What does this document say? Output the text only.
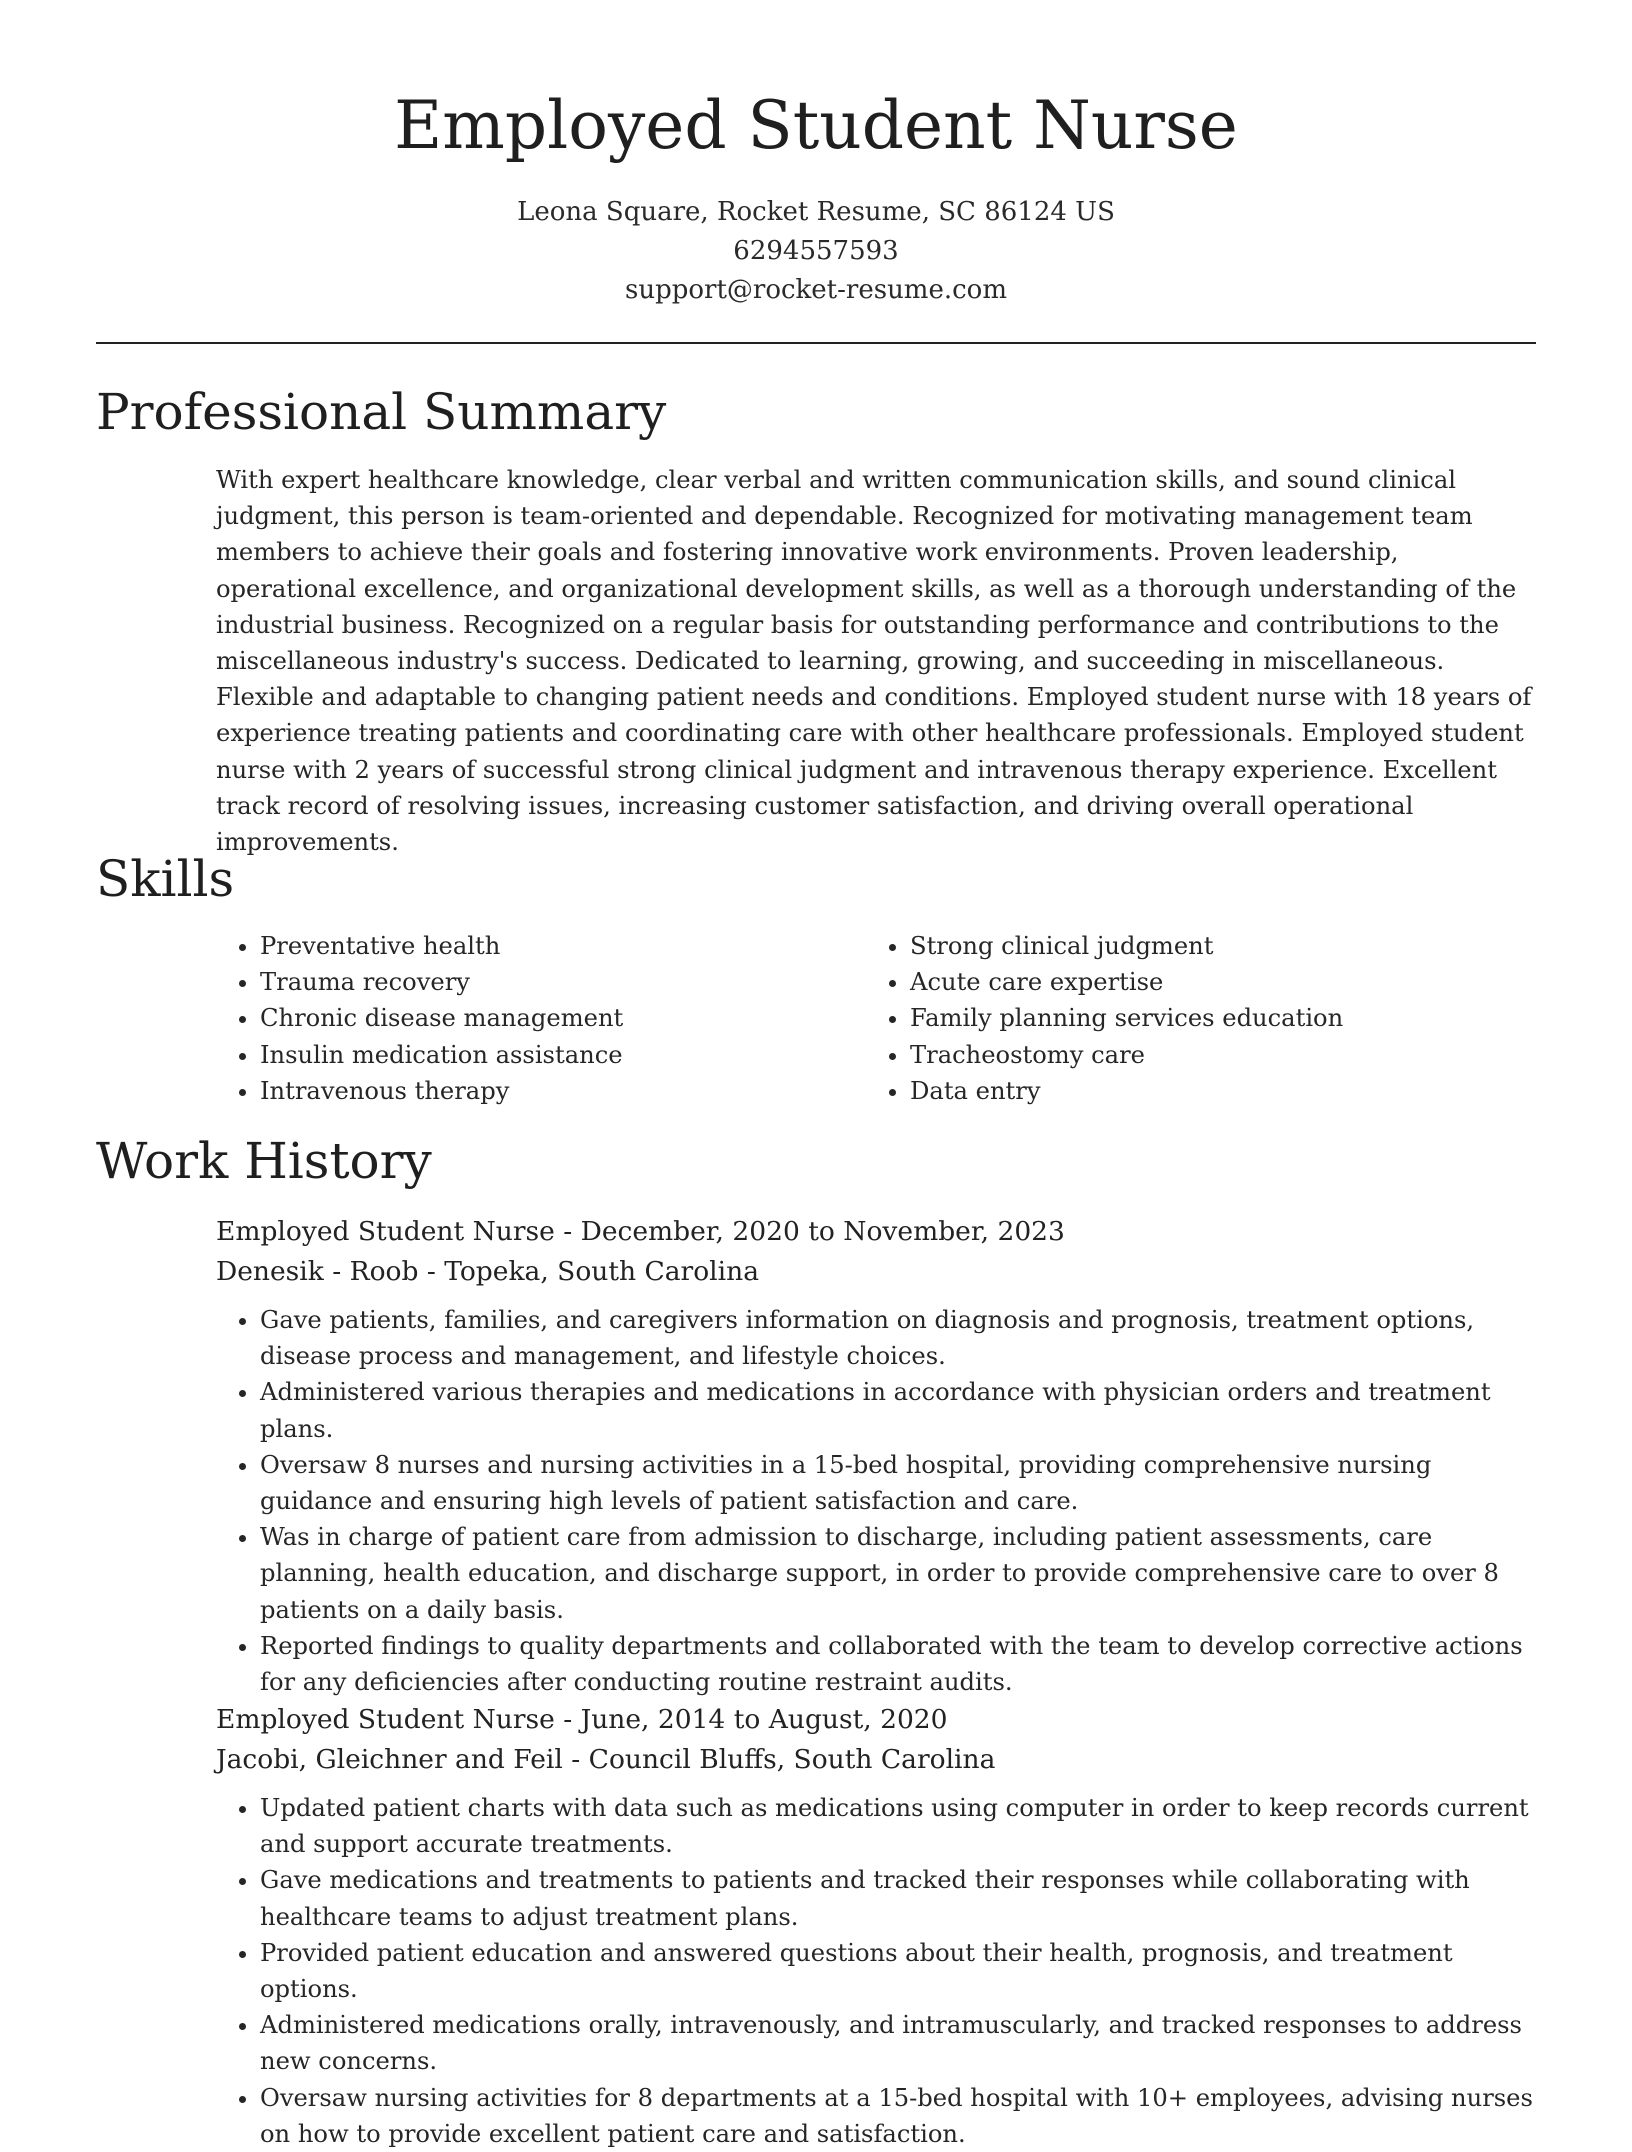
Employed Student Nurse
Leona Square, Rocket Resume, SC 86124 US
6294557593
support@rocket-resume.com
Professional Summary

With expert healthcare knowledge, clear verbal and written communication skills, and sound clinical judgment, this person is team-oriented and dependable. Recognized for motivating management team members to achieve their goals and fostering innovative work environments. Proven leadership, operational excellence, and organizational development skills, as well as a thorough understanding of the industrial business. Recognized on a regular basis for outstanding performance and contributions to the miscellaneous industry's success. Dedicated to learning, growing, and succeeding in miscellaneous. Flexible and adaptable to changing patient needs and conditions. Employed student nurse with 18 years of experience treating patients and coordinating care with other healthcare professionals. Employed student nurse with 2 years of successful strong clinical judgment and intravenous therapy experience. Excellent track record of resolving issues, increasing customer satisfaction, and driving overall operational improvements.

Skills
• Preventative health
• Trauma recovery
• Chronic disease management
• Insulin medication assistance
• Intravenous therapy
• Strong clinical judgment
• Acute care expertise
• Family planning services education
• Tracheostomy care
• Data entry
Work History

Employed Student Nurse - December, 2020 to November, 2023

Denesik - Roob - Topeka, South Carolina

• Gave patients, families, and caregivers information on diagnosis and prognosis, treatment options, disease process and management, and lifestyle choices.
• Administered various therapies and medications in accordance with physician orders and treatment plans.
• Oversaw 8 nurses and nursing activities in a 15-bed hospital, providing comprehensive nursing guidance and ensuring high levels of patient satisfaction and care.
• Was in charge of patient care from admission to discharge, including patient assessments, care planning, health education, and discharge support, in order to provide comprehensive care to over 8 patients on a daily basis.
• Reported findings to quality departments and collaborated with the team to develop corrective actions for any deficiencies after conducting routine restraint audits.

Employed Student Nurse - June, 2014 to August, 2020

Jacobi, Gleichner and Feil - Council Bluffs, South Carolina

• Updated patient charts with data such as medications using computer in order to keep records current and support accurate treatments.
• Gave medications and treatments to patients and tracked their responses while collaborating with healthcare teams to adjust treatment plans.
• Provided patient education and answered questions about their health, prognosis, and treatment options.
• Administered medications orally, intravenously, and intramuscularly, and tracked responses to address new concerns.
• Oversaw nursing activities for 8 departments at a 15-bed hospital with 10+ employees, advising nurses on how to provide excellent patient care and satisfaction.
